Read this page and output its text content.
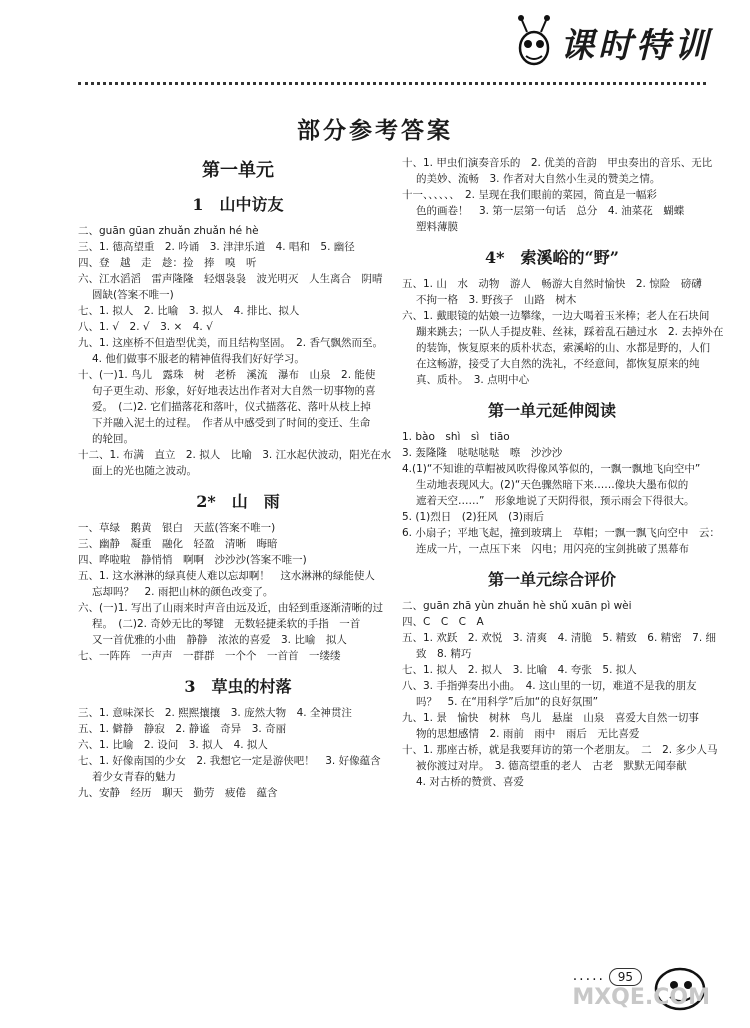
课时特训
部分参考答案
第一单元
1　山中访友
二、guān gūan zhuǎn zhuǎn hé hè
三、1. 德高望重　2. 吟诵　3. 津津乐道　4. 唱和　5. 幽径
四、登　越　走　趁：捡　捧　嗅　听
六、江水滔滔　雷声隆隆　轻烟袅袅　波光明灭　人生离合　阴晴
圆缺(答案不唯一)
七、1. 拟人　2. 比喻　3. 拟人　4. 排比、拟人
八、1. √　2. √　3. ×　4. √
九、1. 这座桥不但造型优美，而且结构坚固。　2. 香气飘然而至。
4. 他们做事不服老的精神值得我们好好学习。
十、(一)1. 鸟儿　露珠　树　老桥　溪流　瀑布　山泉　2. 能使
句子更生动、形象，好好地表达出作者对大自然一切事物的喜
爱。　(二)2. 它们描落花和落叶，仪式描落花、落叶从枝上掉
下并融入泥土的过程。　作者从中感受到了时间的变迁、生命
的轮回。
十二、1. 布满　直立　2. 拟人　比喻　3. 江水起伏波动，阳光在水
面上的光也随之波动。
2*　山　雨
一、草绿　鹅黄　银白　天蓝(答案不唯一)
三、幽静　凝重　融化　轻盈　清晰　晦暗
四、哗啦啦　静悄悄　啊啊　沙沙沙(答案不唯一)
五、1. 这水淋淋的绿真使人难以忘却啊！　这水淋淋的绿能使人
忘却吗？　2. 雨把山林的颜色改变了。
六、(一)1. 写出了山雨来时声音由远及近，由轻到重逐渐清晰的过
程。　(二)2. 奇妙无比的琴键　无数轻捷柔软的手指　一首
又一首优雅的小曲　静静　浓浓的喜爱　3. 比喻　拟人
七、一阵阵　一声声　一群群　一个个　一首首　一缕缕
3　草虫的村落
三、1. 意味深长　2. 熙熙攘攘　3. 庞然大物　4. 全神贯注
五、1. 僻静　静寂　2. 静谧　奇异　3. 奇丽
六、1. 比喻　2. 设问　3. 拟人　4. 拟人
七、1. 好像南国的少女　2. 我想它一定是游侠吧！　3. 好像蕴含
着少女青春的魅力
九、安静　经历　聊天　勤劳　疲倦　蕴含
十、1. 甲虫们演奏音乐的　2. 优美的音韵　甲虫奏出的音乐、无比
的美妙、流畅　3. 作者对大自然小生灵的赞美之情。
十一、、、、、、　2. 呈现在我们眼前的菜园，简直是一幅彩
色的画卷！　3. 第一层第一句话　总分　4. 油菜花　蝴蝶
塑料薄膜
4*　索溪峪的“野”
五、1. 山　水　动物　游人　畅游大自然时愉快　2. 惊险　磅礴
不拘一格　3. 野孩子　山路　树木
六、1. 戴眼镜的姑娘一边攀缘，一边大喝着玉米棒；老人在石块间
蹦来跳去；一队人手提皮鞋、丝袜，踩着乱石趟过水　2. 去掉外在
的装饰，恢复原来的质朴状态，索溪峪的山、水都是野的，人们
在这畅游，接受了大自然的洗礼，不经意间，都恢复原来的纯
真、质朴。　3. 点明中心
第一单元延伸阅读
1. bào　shì　sì　tiāo
3. 轰隆隆　哒哒哒哒　嚓　沙沙沙
4.(1)“不知谁的草帽被风吹得像风筝似的，一飘一飘地飞向空中”
生动地表现风大。(2)“天色骤然暗下来……像块大墨布似的
遮着天空……”　形象地说了天阴得很，预示雨会下得很大。
5. (1)烈日　(2)狂风　(3)雨后
6. 小扇子；平地飞起，撞到玻璃上　草帽；一飘一飘飞向空中　云：
连成一片，一点压下来　闪电；用闪亮的宝剑挑破了黑幕布
第一单元综合评价
二、guān zhā yùn zhuǎn hè shǔ xuān pì wèi
四、C　C　C　A
五、1. 欢跃　2. 欢悦　3. 清爽　4. 清脆　5. 精致　6. 精密　7. 细
致　8. 精巧
七、1. 拟人　2. 拟人　3. 比喻　4. 夸张　5. 拟人
八、3. 手指弹奏出小曲。　4. 这山里的一切，难道不是我的朋友
吗？　5. 在“用科学”后加“的良好氛围”
九、1. 景　愉快　树林　鸟儿　悬崖　山泉　喜爱大自然一切事
物的思想感情　2. 雨前　雨中　雨后　无比喜爱
十、1. 那座古桥，就是我要拜访的第一个老朋友。　二　2. 多少人马
被你渡过对岸。　3. 德高望重的老人　古老　默默无闻奉献
4. 对古桥的赞赏、喜爱
·····	95
MXQE.COM
